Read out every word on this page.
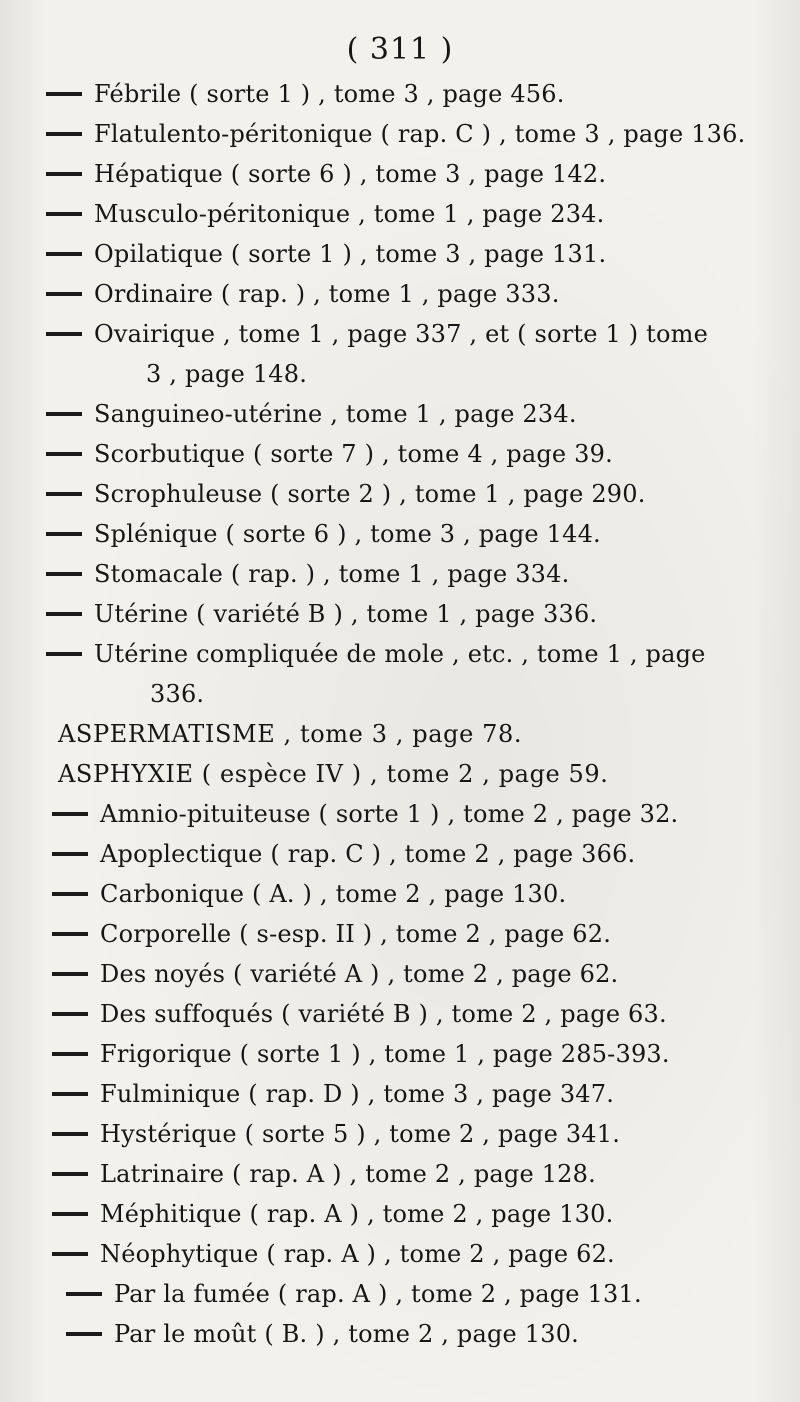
( 311 )
Fébrile ( sorte 1 ) , tome 3 , page 456.
Flatulento-péritonique ( rap. C ) , tome 3 , page 136.
Hépatique ( sorte 6 ) , tome 3 , page 142.
Musculo-péritonique , tome 1 , page 234.
Opilatique ( sorte 1 ) , tome 3 , page 131.
Ordinaire ( rap. ) , tome 1 , page 333.
Ovairique , tome 1 , page 337 , et ( sorte 1 ) tome
3 , page 148.
Sanguineo-utérine , tome 1 , page 234.
Scorbutique ( sorte 7 ) , tome 4 , page 39.
Scrophuleuse ( sorte 2 ) , tome 1 , page 290.
Splénique ( sorte 6 ) , tome 3 , page 144.
Stomacale ( rap. ) , tome 1 , page 334.
Utérine ( variété B ) , tome 1 , page 336.
Utérine compliquée de mole , etc. , tome 1 , page
336.
ASPERMATISME , tome 3 , page 78.
ASPHYXIE ( espèce IV ) , tome 2 , page 59.
Amnio-pituiteuse ( sorte 1 ) , tome 2 , page 32.
Apoplectique ( rap. C ) , tome 2 , page 366.
Carbonique ( A. ) , tome 2 , page 130.
Corporelle ( s-esp. II ) , tome 2 , page 62.
Des noyés ( variété A ) , tome 2 , page 62.
Des suffoqués ( variété B ) , tome 2 , page 63.
Frigorique ( sorte 1 ) , tome 1 , page 285-393.
Fulminique ( rap. D ) , tome 3 , page 347.
Hystérique ( sorte 5 ) , tome 2 , page 341.
Latrinaire ( rap. A ) , tome 2 , page 128.
Méphitique ( rap. A ) , tome 2 , page 130.
Néophytique ( rap. A ) , tome 2 , page 62.
Par la fumée ( rap. A ) , tome 2 , page 131.
Par le moût ( B. ) , tome 2 , page 130.
